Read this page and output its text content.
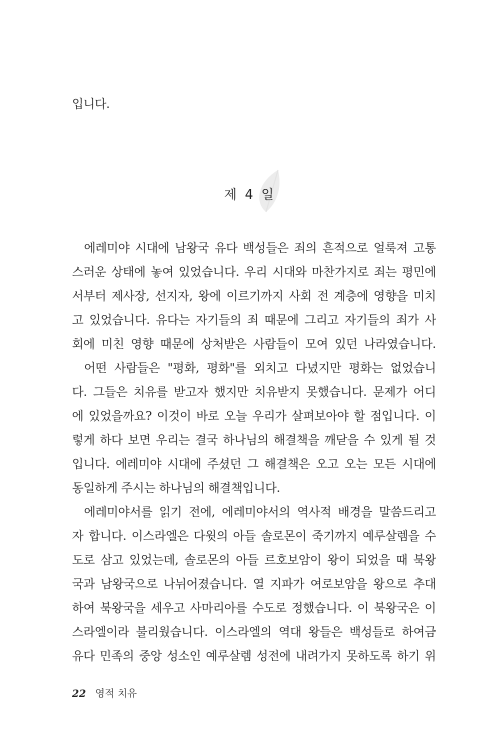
입니다.
제 4 일
에레미야 시대에 남왕국 유다 백성들은 죄의 흔적으로 얼룩져 고통
스러운 상태에 놓여 있었습니다. 우리 시대와 마찬가지로 죄는 평민에
서부터 제사장, 선지자, 왕에 이르기까지 사회 전 계층에 영향을 미치
고 있었습니다. 유다는 자기들의 죄 때문에 그리고 자기들의 죄가 사
회에 미친 영향 때문에 상처받은 사람들이 모여 있던 나라였습니다.
어떤 사람들은 "평화, 평화"를 외치고 다녔지만 평화는 없었습니
다. 그들은 치유를 받고자 했지만 치유받지 못했습니다. 문제가 어디
에 있었을까요? 이것이 바로 오늘 우리가 살펴보아야 할 점입니다. 이
렇게 하다 보면 우리는 결국 하나님의 해결책을 깨닫을 수 있게 될 것
입니다. 에레미야 시대에 주셨던 그 해결책은 오고 오는 모든 시대에
동일하게 주시는 하나님의 해결책입니다.
에레미야서를 읽기 전에, 에레미야서의 역사적 배경을 말씀드리고
자 합니다. 이스라엘은 다윗의 아들 솔로몬이 죽기까지 예루살렘을 수
도로 삼고 있었는데, 솔로몬의 아들 르호보암이 왕이 되었을 때 북왕
국과 남왕국으로 나뉘어졌습니다. 열 지파가 여로보암을 왕으로 추대
하여 북왕국을 세우고 사마리아를 수도로 정했습니다. 이 북왕국은 이
스라엘이라 불리웠습니다. 이스라엘의 역대 왕들은 백성들로 하여금
유다 민족의 중앙 성소인 예루살렘 성전에 내려가지 못하도록 하기 위
22 영적 치유
